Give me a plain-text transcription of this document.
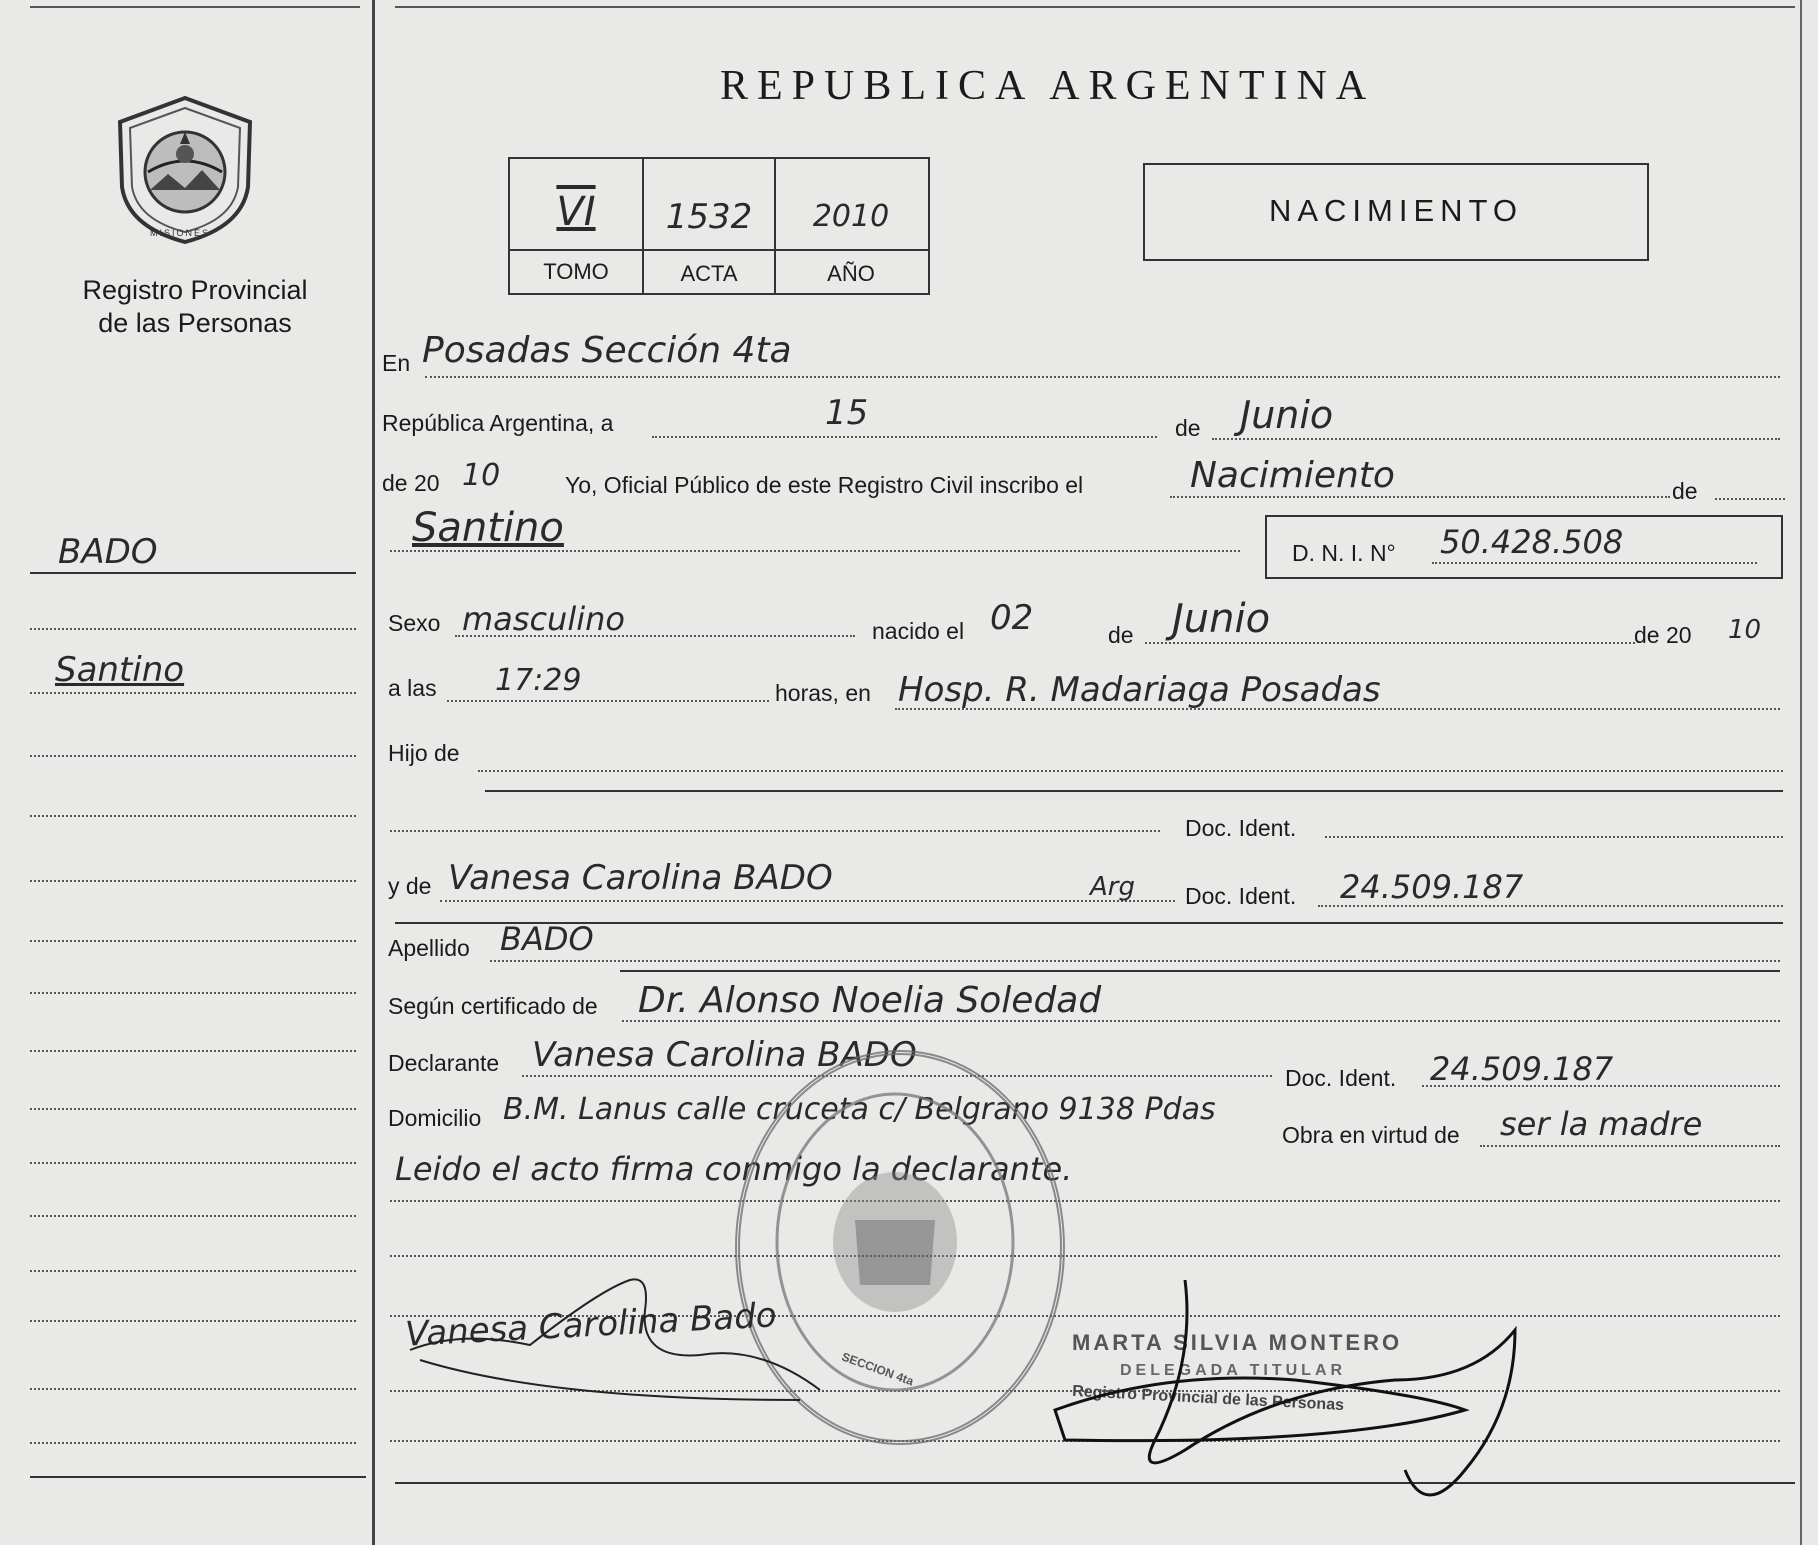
MISIONES
Registro Provincial
de las Personas
BADO
Santino
REPUBLICA ARGENTINA
VI	1532	2010
TOMO	ACTA	AÑO
NACIMIENTO
En Posadas Sección 4ta
República Argentina, a	15	de Junio
de 20 10	Yo, Oficial Público de este Registro Civil inscribo el	Nacimiento	de
Santino
D. N. I. N° 50.428.508
Sexo masculino	nacido el 02	de Junio	de 20 10
a las 17:29	horas, en Hosp. R. Madariaga Posadas
Hijo de
Doc. Ident.
y de Vanesa Carolina BADO	Arg Doc. Ident. 24.509.187
Apellido BADO
Según certificado de Dr. Alonso Noelia Soledad
Declarante Vanesa Carolina BADO
Doc. Ident. 24.509.187
Domicilio B.M. Lanus calle cruceta c/ Belgrano 9138 Pdas
Obra en virtud de ser la madre
Leido el acto firma conmigo la declarante.
SECCION 4ta
Vanesa Carolina Bado	MARTA SILVIA MONTERO
DELEGADA TITULAR
Registro Provincial de las Personas
